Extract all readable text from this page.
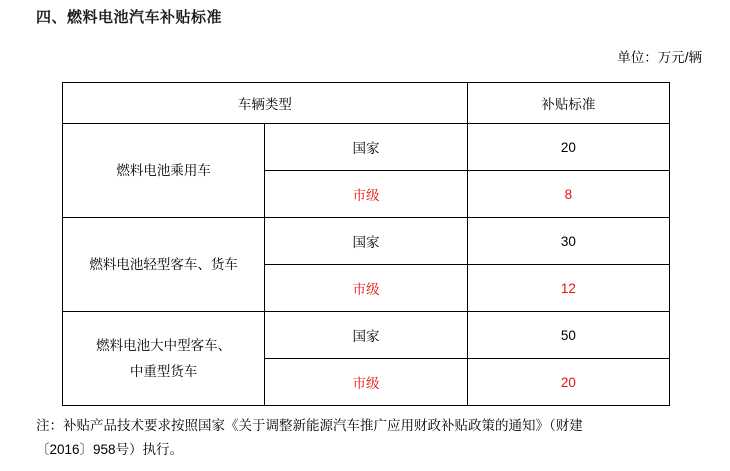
四、燃料电池汽车补贴标准
单位：万元/辆
车辆类型		补贴标准
燃料电池乘用车	国家	20
	市级	8
燃料电池轻型客车、货车	国家	30
	市级	12

燃料电池大中型客车、
中重型货车	国家	50
	市级	20
注：补贴产品技术要求按照国家《关于调整新能源汽车推广应用财政补贴政策的通知》（财建
〔2016〕958号）执行。
